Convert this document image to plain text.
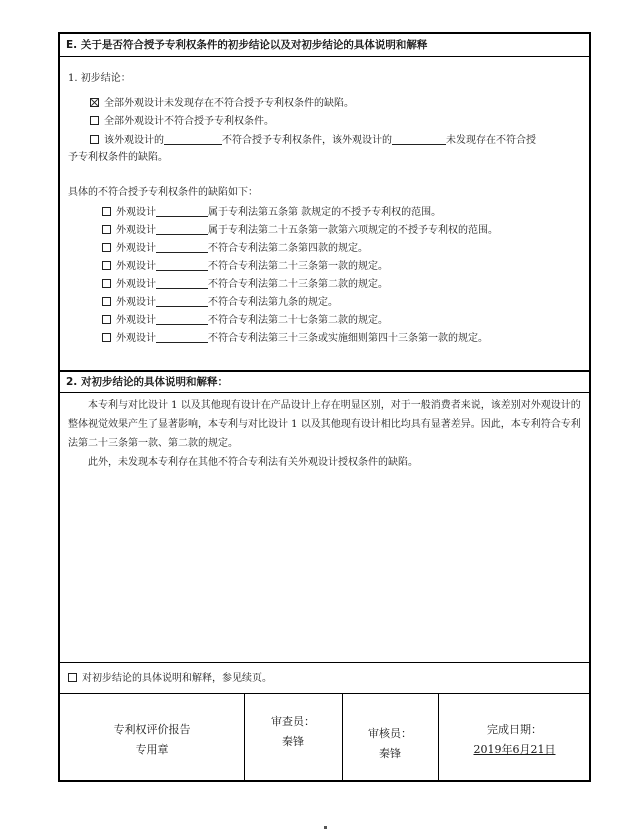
E. 关于是否符合授予专利权条件的初步结论以及对初步结论的具体说明和解释
1. 初步结论：
全部外观设计未发现存在不符合授予专利权条件的缺陷。
全部外观设计不符合授予专利权条件。
该外观设计的	不符合授予专利权条件，该外观设计的	未发现存在不符合授
予专利权条件的缺陷。
具体的不符合授予专利权条件的缺陷如下：
外观设计	属于专利法第五条第 款规定的不授予专利权的范围。
外观设计	属于专利法第二十五条第一款第六项规定的不授予专利权的范围。
外观设计	不符合专利法第二条第四款的规定。
外观设计	不符合专利法第二十三条第一款的规定。
外观设计	不符合专利法第二十三条第二款的规定。
外观设计	不符合专利法第九条的规定。
外观设计	不符合专利法第二十七条第二款的规定。
外观设计	不符合专利法第三十三条或实施细则第四十三条第一款的规定。
2. 对初步结论的具体说明和解释：
本专利与对比设计 1 以及其他现有设计在产品设计上存在明显区别，对于一般消费者来说，该差别对外观设计的整体视觉效果产生了显著影响，本专利与对比设计 1 以及其他现有设计相比均具有显著差异。因此，本专利符合专利法第二十三条第一款、第二款的规定。
此外，未发现本专利存在其他不符合专利法有关外观设计授权条件的缺陷。
对初步结论的具体说明和解释，参见续页。
专利权评价报告
专用章
审查员：
秦锋
审核员：
秦锋
完成日期：
2019年6月21日
